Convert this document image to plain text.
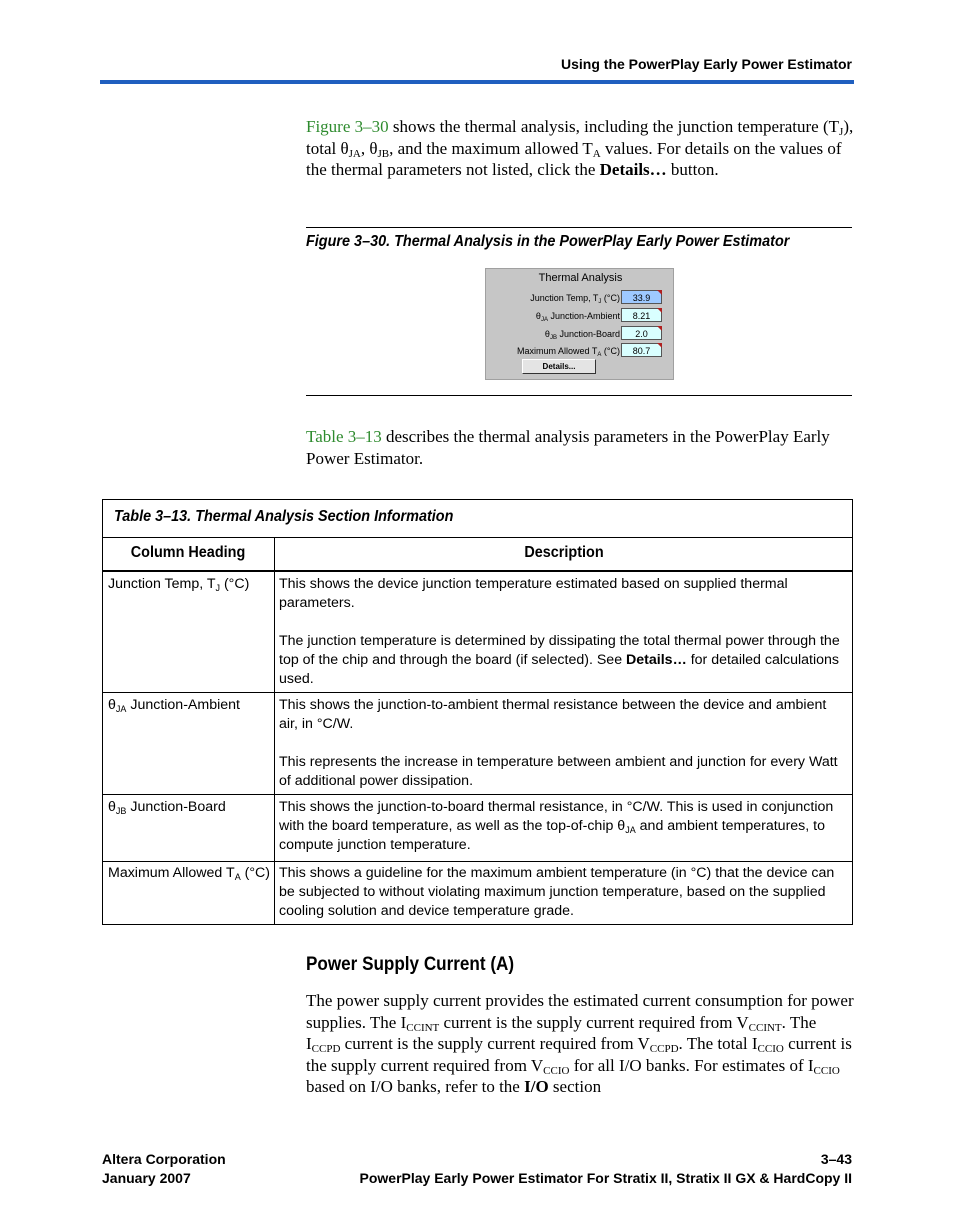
Using the PowerPlay Early Power Estimator
Figure 3–30 shows the thermal analysis, including the junction temperature $(T_J)$, total $\theta_{JA}$, $\theta_{JB}$, and the maximum allowed $T_A$ values. For details on the values of the thermal parameters not listed, click the Details… button.
Figure 3–30. Thermal Analysis in the PowerPlay Early Power Estimator
Thermal Analysis
Junction Temp, $T_J$ (°C)	33.9
$\theta_{JA}$ Junction-Ambient	8.21
$\theta_{JB}$ Junction-Board	2.0
Maximum Allowed $T_A$ (°C)	80.7
Details...
Table 3–13 describes the thermal analysis parameters in the PowerPlay Early Power Estimator.
Table 3–13. Thermal Analysis Section Information
Column Heading	Description
Junction Temp, $T_J$ (°C)	This shows the device junction temperature estimated based on supplied thermal parameters.

The junction temperature is determined by dissipating the total thermal power through the top of the chip and through the board (if selected). See Details… for detailed calculations used.

$\theta_{JA}$ Junction-Ambient	This shows the junction-to-ambient thermal resistance between the device and ambient air, in °C/W.

This represents the increase in temperature between ambient and junction for every Watt of additional power dissipation.

$\theta_{JB}$ Junction-Board	This shows the junction-to-board thermal resistance, in °C/W. This is used in conjunction with the board temperature, as well as the top-of-chip $\theta_{JA}$ and ambient temperatures, to compute junction temperature.

Maximum Allowed $T_A$ (°C) This shows a guideline for the maximum ambient temperature (in °C) that the device can be subjected to without violating maximum junction temperature, based on the supplied cooling solution and device temperature grade.

Power Supply Current (A)
The power supply current provides the estimated current consumption for power supplies. The $I_{CCINT}$ current is the supply current required from $V_{CCINT}$. The $I_{CCPD}$ current is the supply current required from $V_{CCPD}$. The total $I_{CCIO}$ current is the supply current required from $V_{CCIO}$ for all I/O banks. For estimates of $I_{CCIO}$ based on I/O banks, refer to the I/O section
Altera Corporation
January 2007
3–43
PowerPlay Early Power Estimator For Stratix II, Stratix II GX & HardCopy II
